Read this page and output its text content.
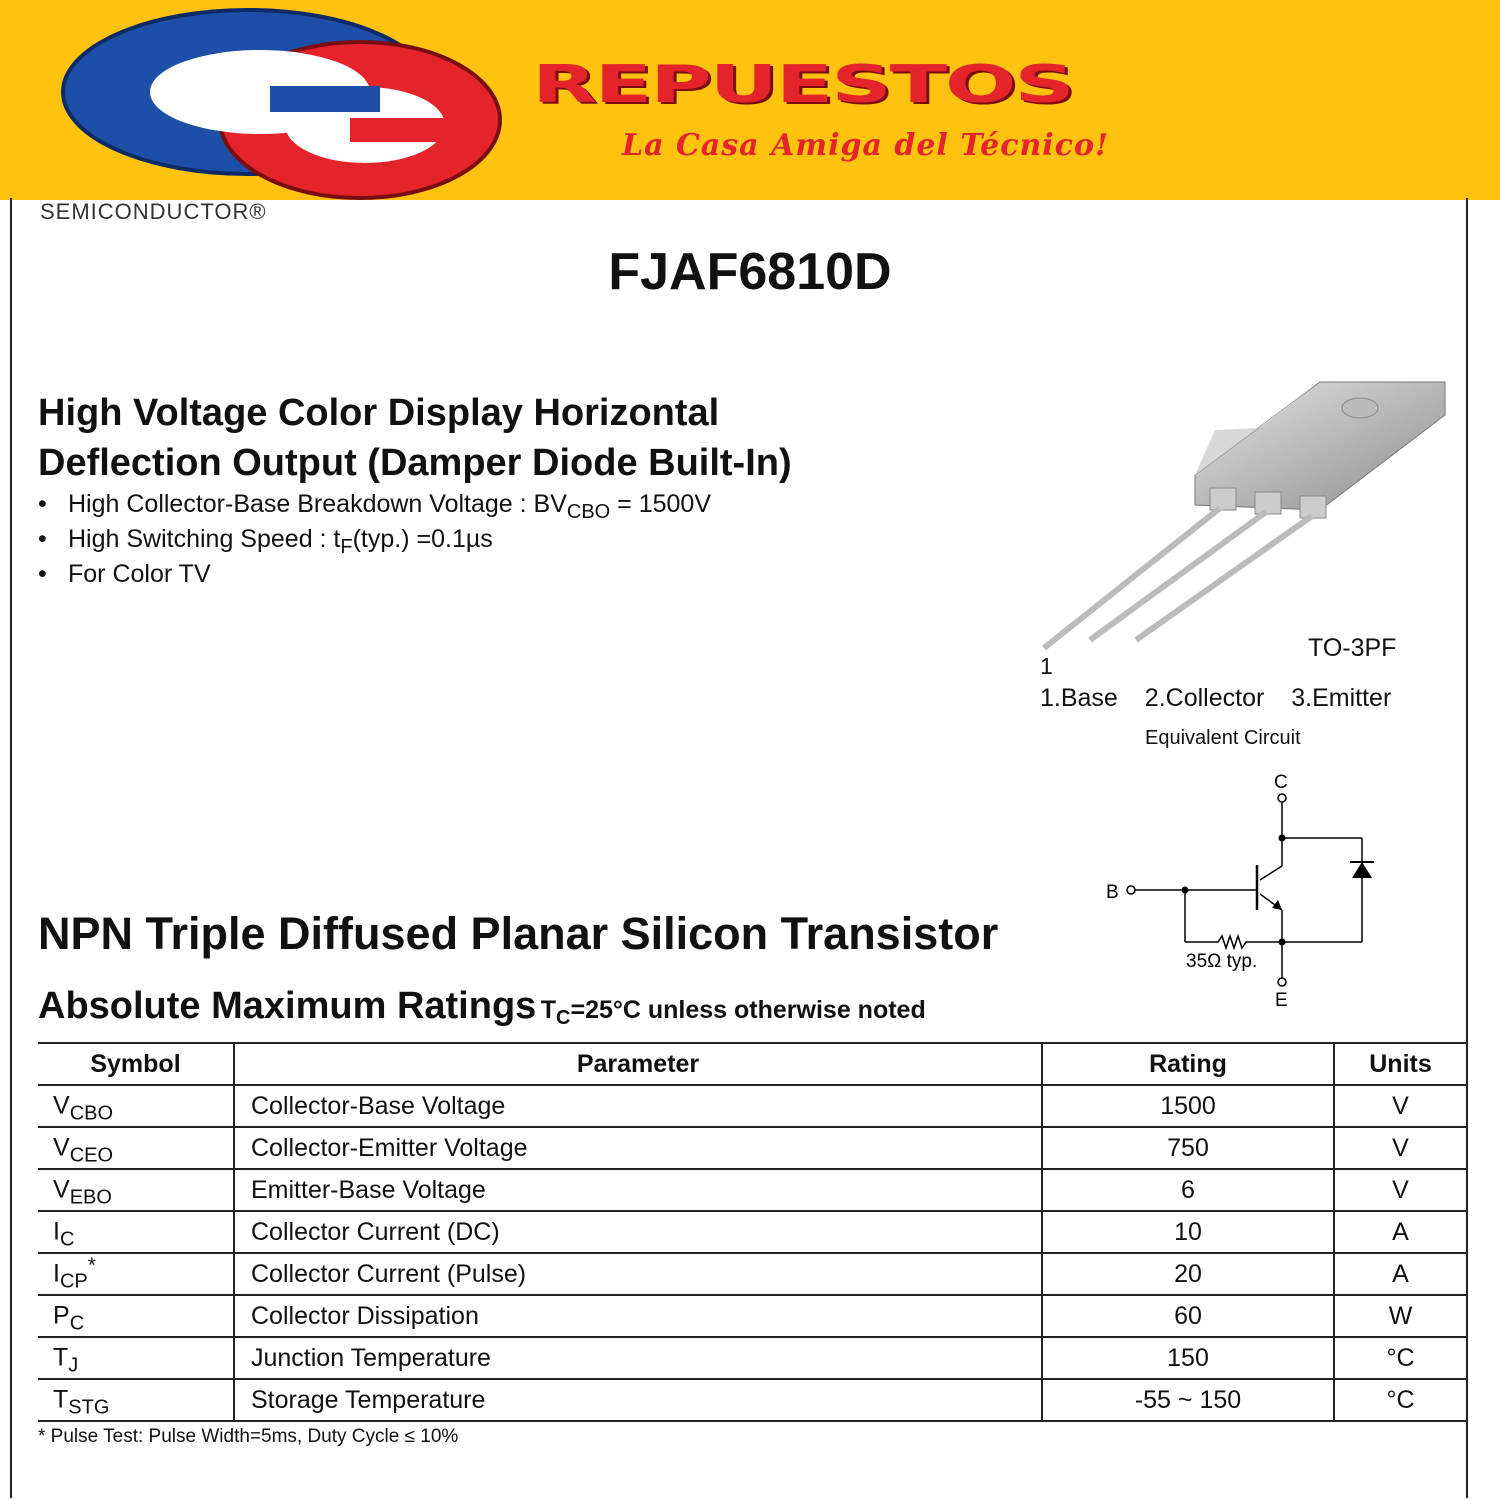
REPUESTOS
La Casa Amiga del Técnico!
SEMICONDUCTOR®
FJAF6810D
High Voltage Color Display Horizontal
Deflection Output (Damper Diode Built-In)
• High Collector-Base Breakdown Voltage : $BV_{CBO} = 1500V$
• High Switching Speed : $t_F(typ.) =0.1\mu s$
• For Color TV
TO-3PF
1
1.Base 2.Collector 3.Emitter
Equivalent Circuit
C
B
35Ω typ.
E
NPN Triple Diffused Planar Silicon Transistor
Absolute Maximum Ratings $T_C=25^\circ C$ unless otherwise noted
Symbol	Parameter	Rating	Units
$V_{CBO}$	Collector-Base Voltage	1500	V
$V_{CEO}$	Collector-Emitter Voltage	750	V
$V_{EBO}$	Emitter-Base Voltage	6	V
$I_C$	Collector Current (DC)	10	A
$I_{CP}^*$	Collector Current (Pulse)	20	A
$P_C$	Collector Dissipation	60	W
$T_J$	Junction Temperature	150	°C
$T_{STG}$	Storage Temperature	-55 ~ 150	°C
* Pulse Test: Pulse Width=5ms, Duty Cycle ≤ 10%
